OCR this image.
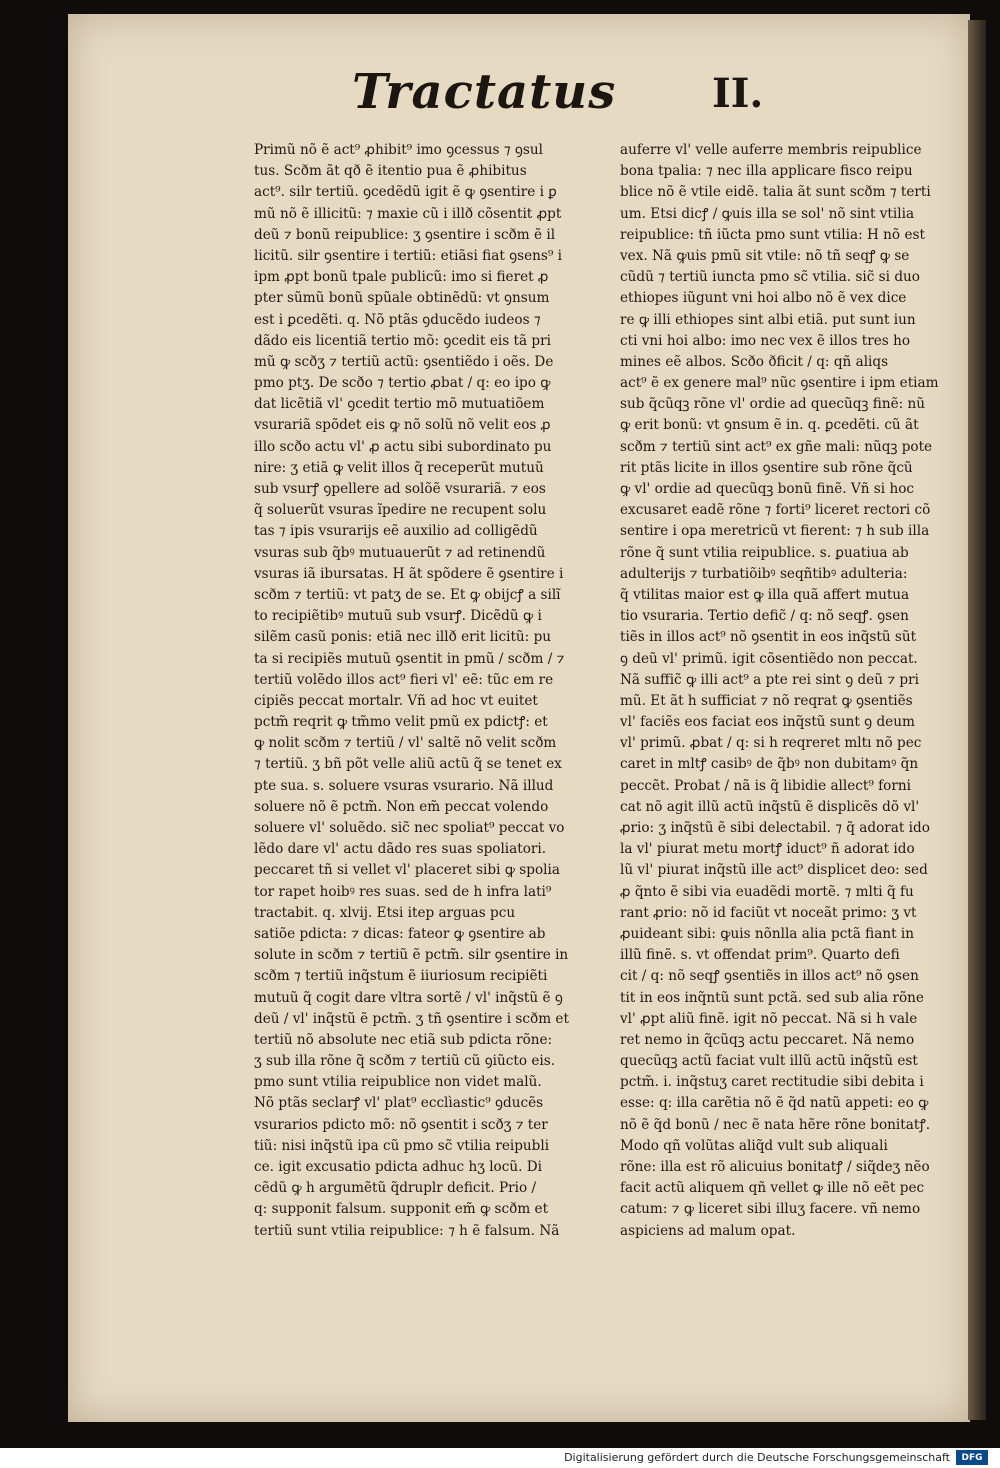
Tractatus II.
Primũ nõ ẽ act⁹ ꝓhibit⁹ imo ꝯcessus ⁊ ꝯsul
tus. Scðm ãt qð ẽ itentio pua ẽ ꝓhibitus
act⁹. silr tertiũ. ꝯcedẽdũ igit ẽ ꝙ ꝯsentire i ꝑ
mũ nõ ẽ illicitũ: ⁊ maxie cũ i illð cõsentit ꝓpt
deũ ⁊ bonũ reipublice: ʒ ꝯsentire i scðm ẽ il
licitũ. silr ꝯsentire i tertiũ: etiãsi fiat ꝯsens⁹ i
ipm ꝓpt bonũ tpale publicũ: imo si fieret ꝓ
pter sũmũ bonũ spũale obtinẽdũ: vt ꝯnsum
est i ꝑcedẽti. q. Nõ ptãs ꝯducẽdo iudeos ⁊
dãdo eis licentiã tertio mõ: ꝯcedit eis tã pri
mũ ꝙ scðʒ ⁊ tertiũ actũ: ꝯsentiẽdo i oẽs. De
pmo ptʒ. De scðo ⁊ tertio ꝓbat / q: eo ipo ꝙ
dat licẽtiã vl' ꝯcedit tertio mõ mutuatiõem
vsurariã spõdet eis ꝙ nõ solũ nõ velit eos ꝓ
illo scðo actu vl' ꝓ actu sibi subordinato pu
nire: ʒ etiã ꝙ velit illos q̃ receperũt mutuũ
sub vsurꝭ ꝯpellere ad solõẽ vsurariã. ⁊ eos
q̃ soluerũt vsuras ĩpedire ne recupent solu
tas ⁊ ipis vsurarijs eẽ auxilio ad colligẽdũ
vsuras sub q̃bꝰ mutuauerũt ⁊ ad retinendũ
vsuras iã ibursatas. H ãt spõdere ẽ ꝯsentire i
scðm ⁊ tertiũ: vt patʒ de se. Et ꝙ obijcꝭ a silĩ
to recipiẽtibꝰ mutuũ sub vsurꝭ. Dicẽdũ ꝙ i
silẽm casũ ponis: etiã nec illð erit licitũ: pu
ta si recipiẽs mutuũ ꝯsentit in pmũ / scðm / ⁊
tertiũ volẽdo illos act⁹ fieri vl' eẽ: tũc em re
cipiẽs peccat mortalr. Vñ ad hoc vt euitet
pctm̃ reqrit ꝙ tm̃mo velit pmũ ex pdictꝭ: et
ꝙ nolit scðm ⁊ tertiũ / vl' saltẽ nõ velit scðm
⁊ tertiũ. ʒ bñ põt velle aliũ actũ q̃ se tenet ex
pte sua. s. soluere vsuras vsurario. Nã illud
soluere nõ ẽ pctm̃. Non em̃ peccat volendo
soluere vl' soluẽdo. sic̃ nec spoliat⁹ peccat vo
lẽdo dare vl' actu dãdo res suas spoliatori.
peccaret tñ si vellet vl' placeret sibi ꝙ spolia
tor rapet hoibꝰ res suas. sed de h infra lati⁹
tractabit. q. xlvij. Etsi itep arguas pcu
satiõe pdicta: ⁊ dicas: fateor ꝙ ꝯsentire ab
solute in scðm ⁊ tertiũ ẽ pctm̃. silr ꝯsentire in
scðm ⁊ tertiũ inq̃stum ẽ iiuriosum recipiẽti
mutuũ q̃ cogit dare vltra sortẽ / vl' inq̃stũ ẽ ꝯ
deũ / vl' inq̃stũ ẽ pctm̃. ʒ tñ ꝯsentire i scðm et
tertiũ nõ absolute nec etiã sub pdicta rõne:
ʒ sub illa rõne q̃ scðm ⁊ tertiũ cũ ꝯiũcto eis.
pmo sunt vtilia reipublice non videt malũ.
Nõ ptãs seclarꝭ vl' plat⁹ ecclìastic⁹ ꝯducẽs
vsurarios pdicto mõ: nõ ꝯsentit i scðʒ ⁊ ter
tiũ: nisi inq̃stũ ipa cũ pmo sc̃ vtilia reipubli
ce. igit excusatio pdicta adhuc hʒ locũ. Di
cẽdũ ꝙ h argumẽtũ q̃druplr deficit. Prio /
q: supponit falsum. supponit em̃ ꝙ scðm et
tertiũ sunt vtilia reipublice: ⁊ h ẽ falsum. Nã
auferre vl' velle auferre membris reipublice
bona tpalia: ⁊ nec illa applicare fisco reipu
blice nõ ẽ vtile eidẽ. talia ãt sunt scðm ⁊ terti
um. Etsi dicꝭ / ꝙuis illa se sol' nõ sint vtilia
reipublice: tñ iũcta pmo sunt vtilia: H nõ est
vex. Nã ꝙuis pmũ sit vtile: nõ tñ seqꝭ ꝙ se
cũdũ ⁊ tertiũ iuncta pmo sc̃ vtilia. sic̃ si duo
ethiopes iũgunt vni hoi albo nõ ẽ vex dice
re ꝙ illi ethiopes sint albi etiã. put sunt iun
cti vni hoi albo: imo nec vex ẽ illos tres ho
mines eẽ albos. Scðo ðficit / q: qñ aliqs
act⁹ ẽ ex genere mal⁹ nũc ꝯsentire i ipm etiam
sub q̃cũqꝫ rõne vl' ordie ad quecũqꝫ finẽ: nũ
ꝙ erit bonũ: vt ꝯnsum ẽ in. q. ꝑcedẽti. cũ ãt
scðm ⁊ tertiũ sint act⁹ ex gñe mali: nũqꝫ pote
rit ptãs licite in illos ꝯsentire sub rõne q̃cũ
ꝙ vl' ordie ad quecũqꝫ bonũ finẽ. Vñ si hoc
excusaret eadẽ rõne ⁊ forti⁹ liceret rectori cõ
sentire i opa meretricũ vt fierent: ⁊ h sub illa
rõne q̃ sunt vtilia reipublice. s. ꝑuatiua ab
adulterijs ⁊ turbatiõibꝰ seqñtibꝰ adulteria:
q̃ vtilitas maior est ꝙ illa quã affert mutua
tio vsuraria. Tertio defic̃ / q: nõ seqꝭ. ꝯsen
tiẽs in illos act⁹ nõ ꝯsentit in eos inq̃stũ sũt
ꝯ deũ vl' primũ. igit cõsentiẽdo non peccat.
Nã suffic̃ ꝙ illi act⁹ a pte rei sint ꝯ deũ ⁊ pri
mũ. Et ãt h sufficiat ⁊ nõ reqrat ꝙ ꝯsentiẽs
vl' faciẽs eos faciat eos inq̃stũ sunt ꝯ deum
vl' primũ. ꝓbat / q: si h reqreret mltı nõ pec
caret in mltꝭ casibꝰ de q̃bꝰ non dubitamꝰ q̃n
peccẽt. Probat / nã is q̃ libidie allect⁹ forni
cat nõ agit illũ actũ inq̃stũ ẽ displicẽs dõ vl'
ꝓrio: ʒ inq̃stũ ẽ sibi delectabil. ⁊ q̃ adorat ido
la vl' piurat metu mortꝭ iduct⁹ ñ adorat ido
lũ vl' piurat inq̃stũ ille act⁹ displicet deo: sed
ꝓ q̃nto ẽ sibi via euadẽdi mortẽ. ⁊ mlti q̃ fu
rant ꝓrio: nõ id faciũt vt noceãt primo: ʒ vt
ꝓuideant sibi: ꝙuis nõnlla alia pctã fiant in
illũ finẽ. s. vt offendat prim⁹. Quarto defi
cit / q: nõ seqꝭ ꝯsentiẽs in illos act⁹ nõ ꝯsen
tit in eos inq̃ntũ sunt pctã. sed sub alia rõne
vl' ꝓpt aliũ finẽ. igit nõ peccat. Nã si h vale
ret nemo in q̃cũqꝫ actu peccaret. Nã nemo
quecũqꝫ actũ faciat vult illũ actũ inq̃stũ est
pctm̃. i. inq̃stuʒ caret rectitudie sibi debita i
esse: q: illa carẽtia nõ ẽ q̃d natũ appeti: eo ꝙ
nõ ẽ q̃d bonũ / nec ẽ nata hẽre rõne bonitatꝭ.
Modo qñ volũtas aliq̃d vult sub aliquali
rõne: illa est rõ alicuius bonitatꝭ / siq̃deʒ nẽo
facit actũ aliquem qñ vellet ꝙ ille nõ eẽt pec
catum: ⁊ ꝙ liceret sibi illuʒ facere. vñ nemo
aspiciens ad malum opat.
Digitalisierung gefördert durch die Deutsche Forschungsgemeinschaft	DFG
